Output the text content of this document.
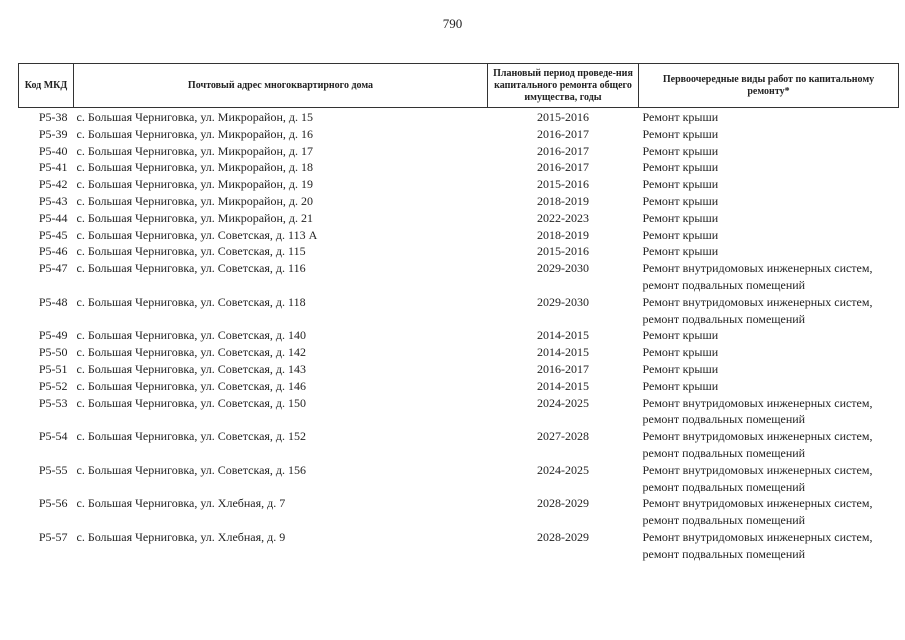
790
Код МКД	Почтовый адрес многоквартирного дома	Плановый период проведе-ния капитального ремонта общего имущества, годы	Первоочередные виды работ по капитальному ремонту*

Р5-38	с. Большая Черниговка, ул. Микрорайон, д. 15	2015-2016	Ремонт крыши

Р5-39	с. Большая Черниговка, ул. Микрорайон, д. 16	2016-2017	Ремонт крыши

Р5-40	с. Большая Черниговка, ул. Микрорайон, д. 17	2016-2017	Ремонт крыши

Р5-41	с. Большая Черниговка, ул. Микрорайон, д. 18	2016-2017	Ремонт крыши

Р5-42	с. Большая Черниговка, ул. Микрорайон, д. 19	2015-2016	Ремонт крыши

Р5-43	с. Большая Черниговка, ул. Микрорайон, д. 20	2018-2019	Ремонт крыши

Р5-44	с. Большая Черниговка, ул. Микрорайон, д. 21	2022-2023	Ремонт крыши

Р5-45	с. Большая Черниговка, ул. Советская, д. 113 А	2018-2019	Ремонт крыши

Р5-46	с. Большая Черниговка, ул. Советская, д. 115	2015-2016	Ремонт крыши

Р5-47	с. Большая Черниговка, ул. Советская, д. 116	2029-2030	Ремонт внутридомовых инженерных систем,
ремонт подвальных помещений

Р5-48	с. Большая Черниговка, ул. Советская, д. 118	2029-2030	Ремонт внутридомовых инженерных систем,
ремонт подвальных помещений

Р5-49	с. Большая Черниговка, ул. Советская, д. 140	2014-2015	Ремонт крыши

Р5-50	с. Большая Черниговка, ул. Советская, д. 142	2014-2015	Ремонт крыши

Р5-51	с. Большая Черниговка, ул. Советская, д. 143	2016-2017	Ремонт крыши

Р5-52	с. Большая Черниговка, ул. Советская, д. 146	2014-2015	Ремонт крыши

Р5-53	с. Большая Черниговка, ул. Советская, д. 150	2024-2025	Ремонт внутридомовых инженерных систем,
ремонт подвальных помещений

Р5-54	с. Большая Черниговка, ул. Советская, д. 152	2027-2028	Ремонт внутридомовых инженерных систем,
ремонт подвальных помещений

Р5-55	с. Большая Черниговка, ул. Советская, д. 156	2024-2025	Ремонт внутридомовых инженерных систем,
ремонт подвальных помещений

Р5-56	с. Большая Черниговка, ул. Хлебная, д. 7	2028-2029	Ремонт внутридомовых инженерных систем,
ремонт подвальных помещений

Р5-57	с. Большая Черниговка, ул. Хлебная, д. 9	2028-2029	Ремонт внутридомовых инженерных систем,
ремонт подвальных помещений
